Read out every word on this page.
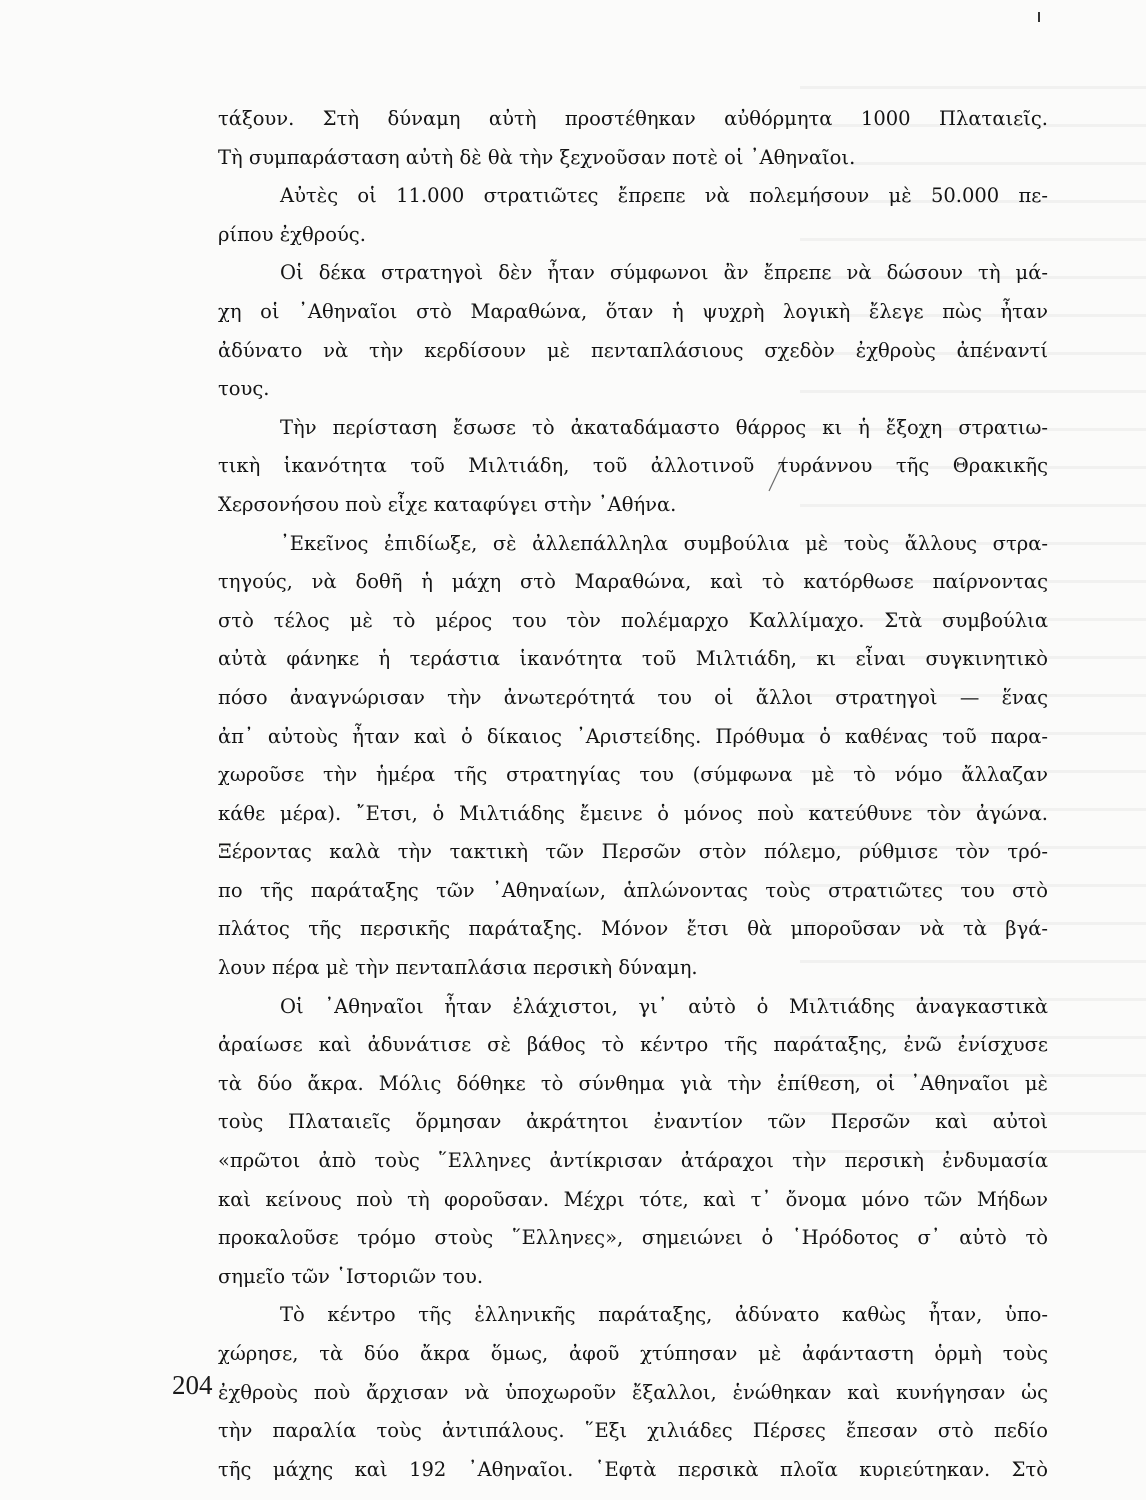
τάξουν. Στὴ δύναμη αὐτὴ προστέθηκαν αὐθόρμητα 1000 Πλαταιεῖς.
Τὴ συμπαράσταση αὐτὴ δὲ θὰ τὴν ξεχνοῦσαν ποτὲ οἱ ᾿Αθηναῖοι.
Αὐτὲς οἱ 11.000 στρατιῶτες ἔπρεπε νὰ πολεμήσουν μὲ 50.000 πε-
ρίπου ἐχθρούς.
Οἱ δέκα στρατηγοὶ δὲν ἦταν σύμφωνοι ἂν ἔπρεπε νὰ δώσουν τὴ μά-
χη οἱ ᾿Αθηναῖοι στὸ Μαραθώνα, ὅταν ἡ ψυχρὴ λογικὴ ἔλεγε πὼς ἦταν
ἀδύνατο νὰ τὴν κερδίσουν μὲ πενταπλάσιους σχεδὸν ἐχθροὺς ἀπέναντί
τους.
Τὴν περίσταση ἔσωσε τὸ ἀκαταδάμαστο θάρρος κι ἡ ἔξοχη στρατιω-
τικὴ ἱκανότητα τοῦ Μιλτιάδη, τοῦ ἀλλοτινοῦ τυράννου τῆς Θρακικῆς
Χερσονήσου ποὺ εἶχε καταφύγει στὴν ᾿Αθήνα.
᾿Εκεῖνος ἐπιδίωξε, σὲ ἀλλεπάλληλα συμβούλια μὲ τοὺς ἄλλους στρα-
τηγούς, νὰ δοθῆ ἡ μάχη στὸ Μαραθώνα, καὶ τὸ κατόρθωσε παίρνοντας
στὸ τέλος μὲ τὸ μέρος του τὸν πολέμαρχο Καλλίμαχο. Στὰ συμβούλια
αὐτὰ φάνηκε ἡ τεράστια ἱκανότητα τοῦ Μιλτιάδη, κι εἶναι συγκινητικὸ
πόσο ἀναγνώρισαν τὴν ἀνωτερότητά του οἱ ἄλλοι στρατηγοὶ — ἕνας
ἀπ᾿ αὐτοὺς ἦταν καὶ ὁ δίκαιος ᾿Αριστείδης. Πρόθυμα ὁ καθένας τοῦ παρα-
χωροῦσε τὴν ἡμέρα τῆς στρατηγίας του (σύμφωνα μὲ τὸ νόμο ἄλλαζαν
κάθε μέρα). ῎Ετσι, ὁ Μιλτιάδης ἔμεινε ὁ μόνος ποὺ κατεύθυνε τὸν ἀγώνα.
Ξέροντας καλὰ τὴν τακτικὴ τῶν Περσῶν στὸν πόλεμο, ρύθμισε τὸν τρό-
πο τῆς παράταξης τῶν ᾿Αθηναίων, ἁπλώνοντας τοὺς στρατιῶτες του στὸ
πλάτος τῆς περσικῆς παράταξης. Μόνον ἔτσι θὰ μποροῦσαν νὰ τὰ βγά-
λουν πέρα μὲ τὴν πενταπλάσια περσικὴ δύναμη.
Οἱ ᾿Αθηναῖοι ἦταν ἐλάχιστοι, γι᾿ αὐτὸ ὁ Μιλτιάδης ἀναγκαστικὰ
ἀραίωσε καὶ ἀδυνάτισε σὲ βάθος τὸ κέντρο τῆς παράταξης, ἐνῶ ἐνίσχυσε
τὰ δύο ἄκρα. Μόλις δόθηκε τὸ σύνθημα γιὰ τὴν ἐπίθεση, οἱ ᾿Αθηναῖοι μὲ
τοὺς Πλαταιεῖς ὅρμησαν ἀκράτητοι ἐναντίον τῶν Περσῶν καὶ αὐτοὶ
«πρῶτοι ἀπὸ τοὺς ῞Ελληνες ἀντίκρισαν ἀτάραχοι τὴν περσικὴ ἐνδυμασία
καὶ κείνους ποὺ τὴ φοροῦσαν. Μέχρι τότε, καὶ τ᾿ ὄνομα μόνο τῶν Μήδων
προκαλοῦσε τρόμο στοὺς ῞Ελληνες», σημειώνει ὁ ῾Ηρόδοτος σ᾿ αὐτὸ τὸ
σημεῖο τῶν ῾Ιστοριῶν του.
Τὸ κέντρο τῆς ἑλληνικῆς παράταξης, ἀδύνατο καθὼς ἦταν, ὑπο-
χώρησε, τὰ δύο ἄκρα ὅμως, ἀφοῦ χτύπησαν μὲ ἀφάνταστη ὁρμὴ τοὺς
ἐχθροὺς ποὺ ἄρχισαν νὰ ὑποχωροῦν ἔξαλλοι, ἑνώθηκαν καὶ κυνήγησαν ὡς
τὴν παραλία τοὺς ἀντιπάλους. ῞Εξι χιλιάδες Πέρσες ἔπεσαν στὸ πεδίο
τῆς μάχης καὶ 192 ᾿Αθηναῖοι. ῾Εφτὰ περσικὰ πλοῖα κυριεύτηκαν. Στὸ
204
